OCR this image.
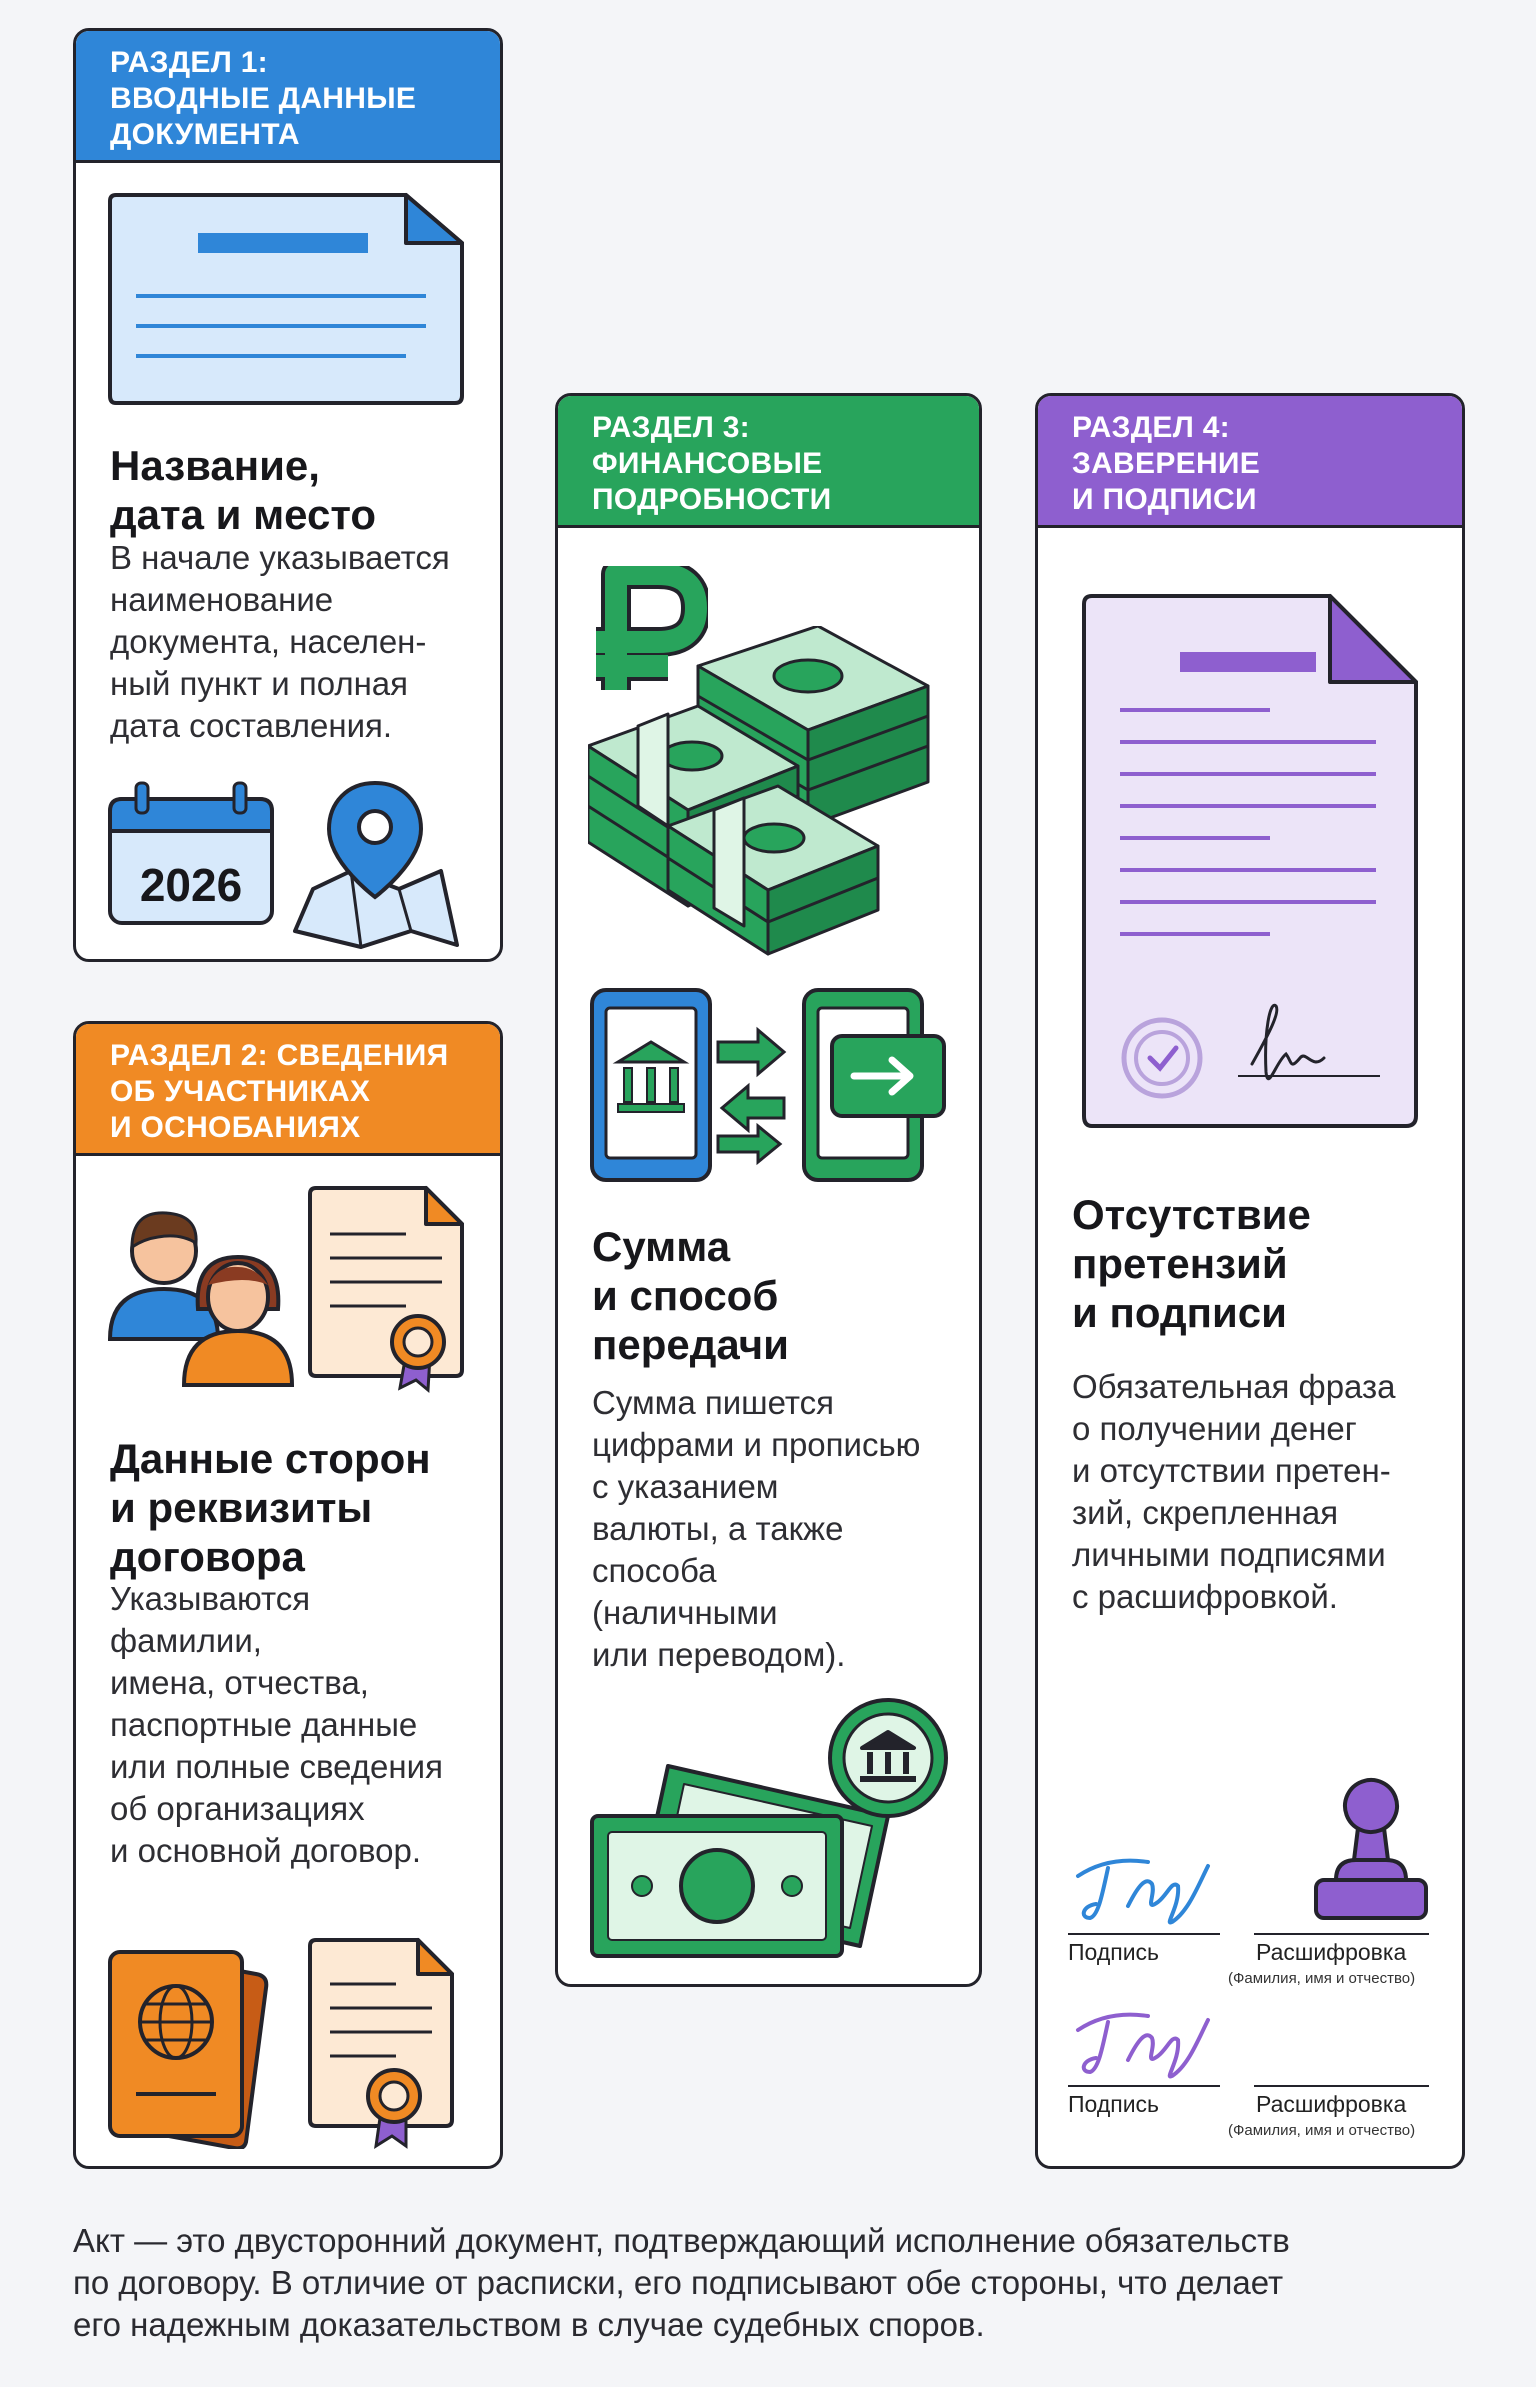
РАЗДЕЛ 1:
ВВОДНЫЕ ДАННЫЕ
ДОКУМЕНТА
Название,
дата и место
В начале указывается
наименование
документа, населен-
ный пункт и полная
дата составления.
2026
РАЗДЕЛ 2: СВЕДЕНИЯ
ОБ УЧАСТНИКАХ
И ОСНОБАНИЯХ
Данные сторон
и реквизиты
договора
Указываются
фамилии,
имена, отчества,
паспортные данные
или полные сведения
об организациях
и основной договор.
РАЗДЕЛ 3:
ФИНАНСОВЫЕ
ПОДРОБНОСТИ
Сумма
и способ
передачи
Сумма пишется
цифрами и прописью
с указанием
валюты, а также
способа
(наличными
или переводом).
РАЗДЕЛ 4:
ЗАВЕРЕНИЕ
И ПОДПИСИ
Отсутствие
претензий
и подписи
Обязательная фраза
о получении денег
и отсутствии претен-
зий, скрепленная
личными подписями
с расшифровкой.
Подпись	Расшифровка
(Фамилия, имя и отчество)
Подпись	Расшифровка
(Фамилия, имя и отчество)
Акт — это двусторонний документ, подтверждающий исполнение обязательств
по договору. В отличие от расписки, его подписывают обе стороны, что делает
его надежным доказательством в случае судебных споров.
